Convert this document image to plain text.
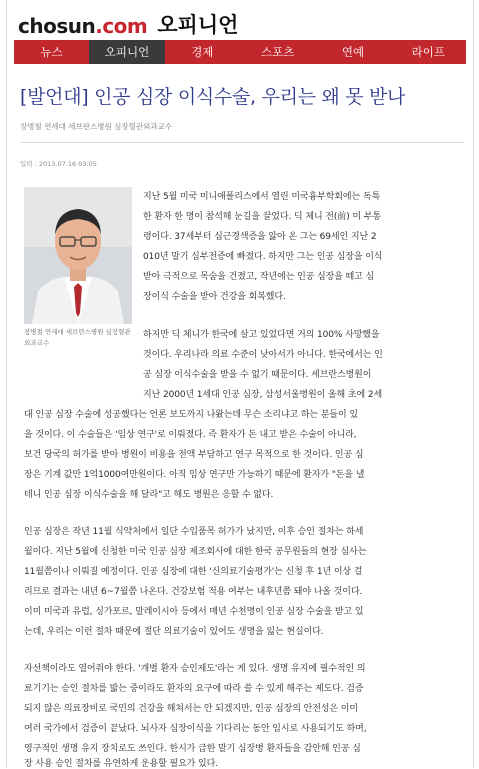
chosun.com 오피니언
뉴스	오피니언	경제	스포츠	연예	라이프
[발언대] 인공 심장 이식수술, 우리는 왜 못 받나
장병철 연세대 세브란스병원 심장혈관외과교수
입력 : 2013.07.16 03:05
장병철 연세대 세브란스병원 심장혈관외과교수
지난 5월 미국 미니애폴리스에서 열린 미국흉부학회에는 독특
한 환자 한 명이 참석해 눈길을 끌었다. 딕 체니 전(前) 미 부통
령이다. 37세부터 심근경색증을 앓아 온 그는 69세인 지난 2
010년 말기 심부전증에 빠졌다. 하지만 그는 인공 심장을 이식
받아 극적으로 목숨을 건졌고, 작년에는 인공 심장을 떼고 심
장이식 수술을 받아 건강을 회복했다.
하지만 딕 체니가 한국에 살고 있었다면 거의 100% 사망했을
것이다. 우리나라 의료 수준이 낮아서가 아니다. 한국에서는 인
공 심장 이식수술을 받을 수 없기 때문이다. 세브란스병원이
지난 2000년 1세대 인공 심장, 삼성서울병원이 올해 초에 2세
대 인공 심장 수술에 성공했다는 언론 보도까지 나왔는데 무슨 소리냐고 하는 분들이 있
을 것이다. 이 수술들은 '임상 연구'로 이뤄졌다. 즉 환자가 돈 내고 받은 수술이 아니라,
보건 당국의 허가를 받아 병원이 비용을 전액 부담하고 연구 목적으로 한 것이다. 인공 심
장은 기계 값만 1억1000여만원이다. 아직 임상 연구만 가능하기 때문에 환자가 "돈을 낼
테니 인공 심장 이식수술을 해 달라"고 해도 병원은 응할 수 없다.
인공 심장은 작년 11월 식약처에서 일단 수입품목 허가가 났지만, 이후 승인 절차는 하세
월이다. 지난 5월에 신청한 미국 인공 심장 제조회사에 대한 한국 공무원들의 현장 심사는
11월쯤이나 이뤄질 예정이다. 인공 심장에 대한 '신의료기술평가'는 신청 후 1년 이상 걸
리므로 결과는 내년 6~7월쯤 나온다. 건강보험 적용 여부는 내후년쯤 돼야 나올 것이다.
이미 미국과 유럽, 싱가포르, 말레이시아 등에서 매년 수천명이 인공 심장 수술을 받고 있
는데, 우리는 이런 절차 때문에 절단 의료기술이 있어도 생명을 잃는 현실이다.
자선책이라도 열어줘야 한다. '개별 환자 승인제도'라는 게 있다. 생명 유지에 필수적인 의
료기기는 승인 절차를 밟는 중이라도 환자의 요구에 따라 쓸 수 있게 해주는 제도다. 검증
되지 않은 의료장비로 국민의 건강을 해쳐서는 안 되겠지만, 인공 심장의 안전성은 이미
여러 국가에서 검증이 끝났다. 뇌사자 심장이식을 기다리는 동안 임시로 사용되기도 하며,
영구적인 생명 유지 장치로도 쓰인다. 한시가 급한 말기 심장병 환자들을 감안해 인공 심
장 사용 승인 절차를 유연하게 운용할 필요가 있다.
